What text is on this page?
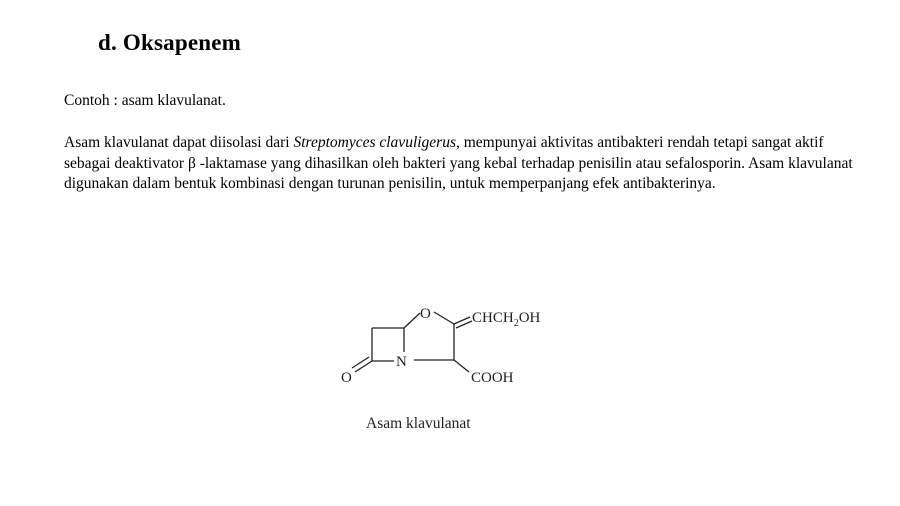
d. Oksapenem

Contoh : asam klavulanat.

Asam klavulanat dapat diisolasi dari Streptomyces clavuligerus, mempunyai aktivitas antibakteri rendah tetapi sangat aktif sebagai deaktivator β -laktamase yang dihasilkan oleh bakteri yang kebal terhadap penisilin atau sefalosporin. Asam klavulanat digunakan dalam bentuk kombinasi dengan turunan penisilin, untuk memperpanjang efek antibakterinya.

O
N
O
$CHCH_2OH$
COOH

Asam klavulanat
